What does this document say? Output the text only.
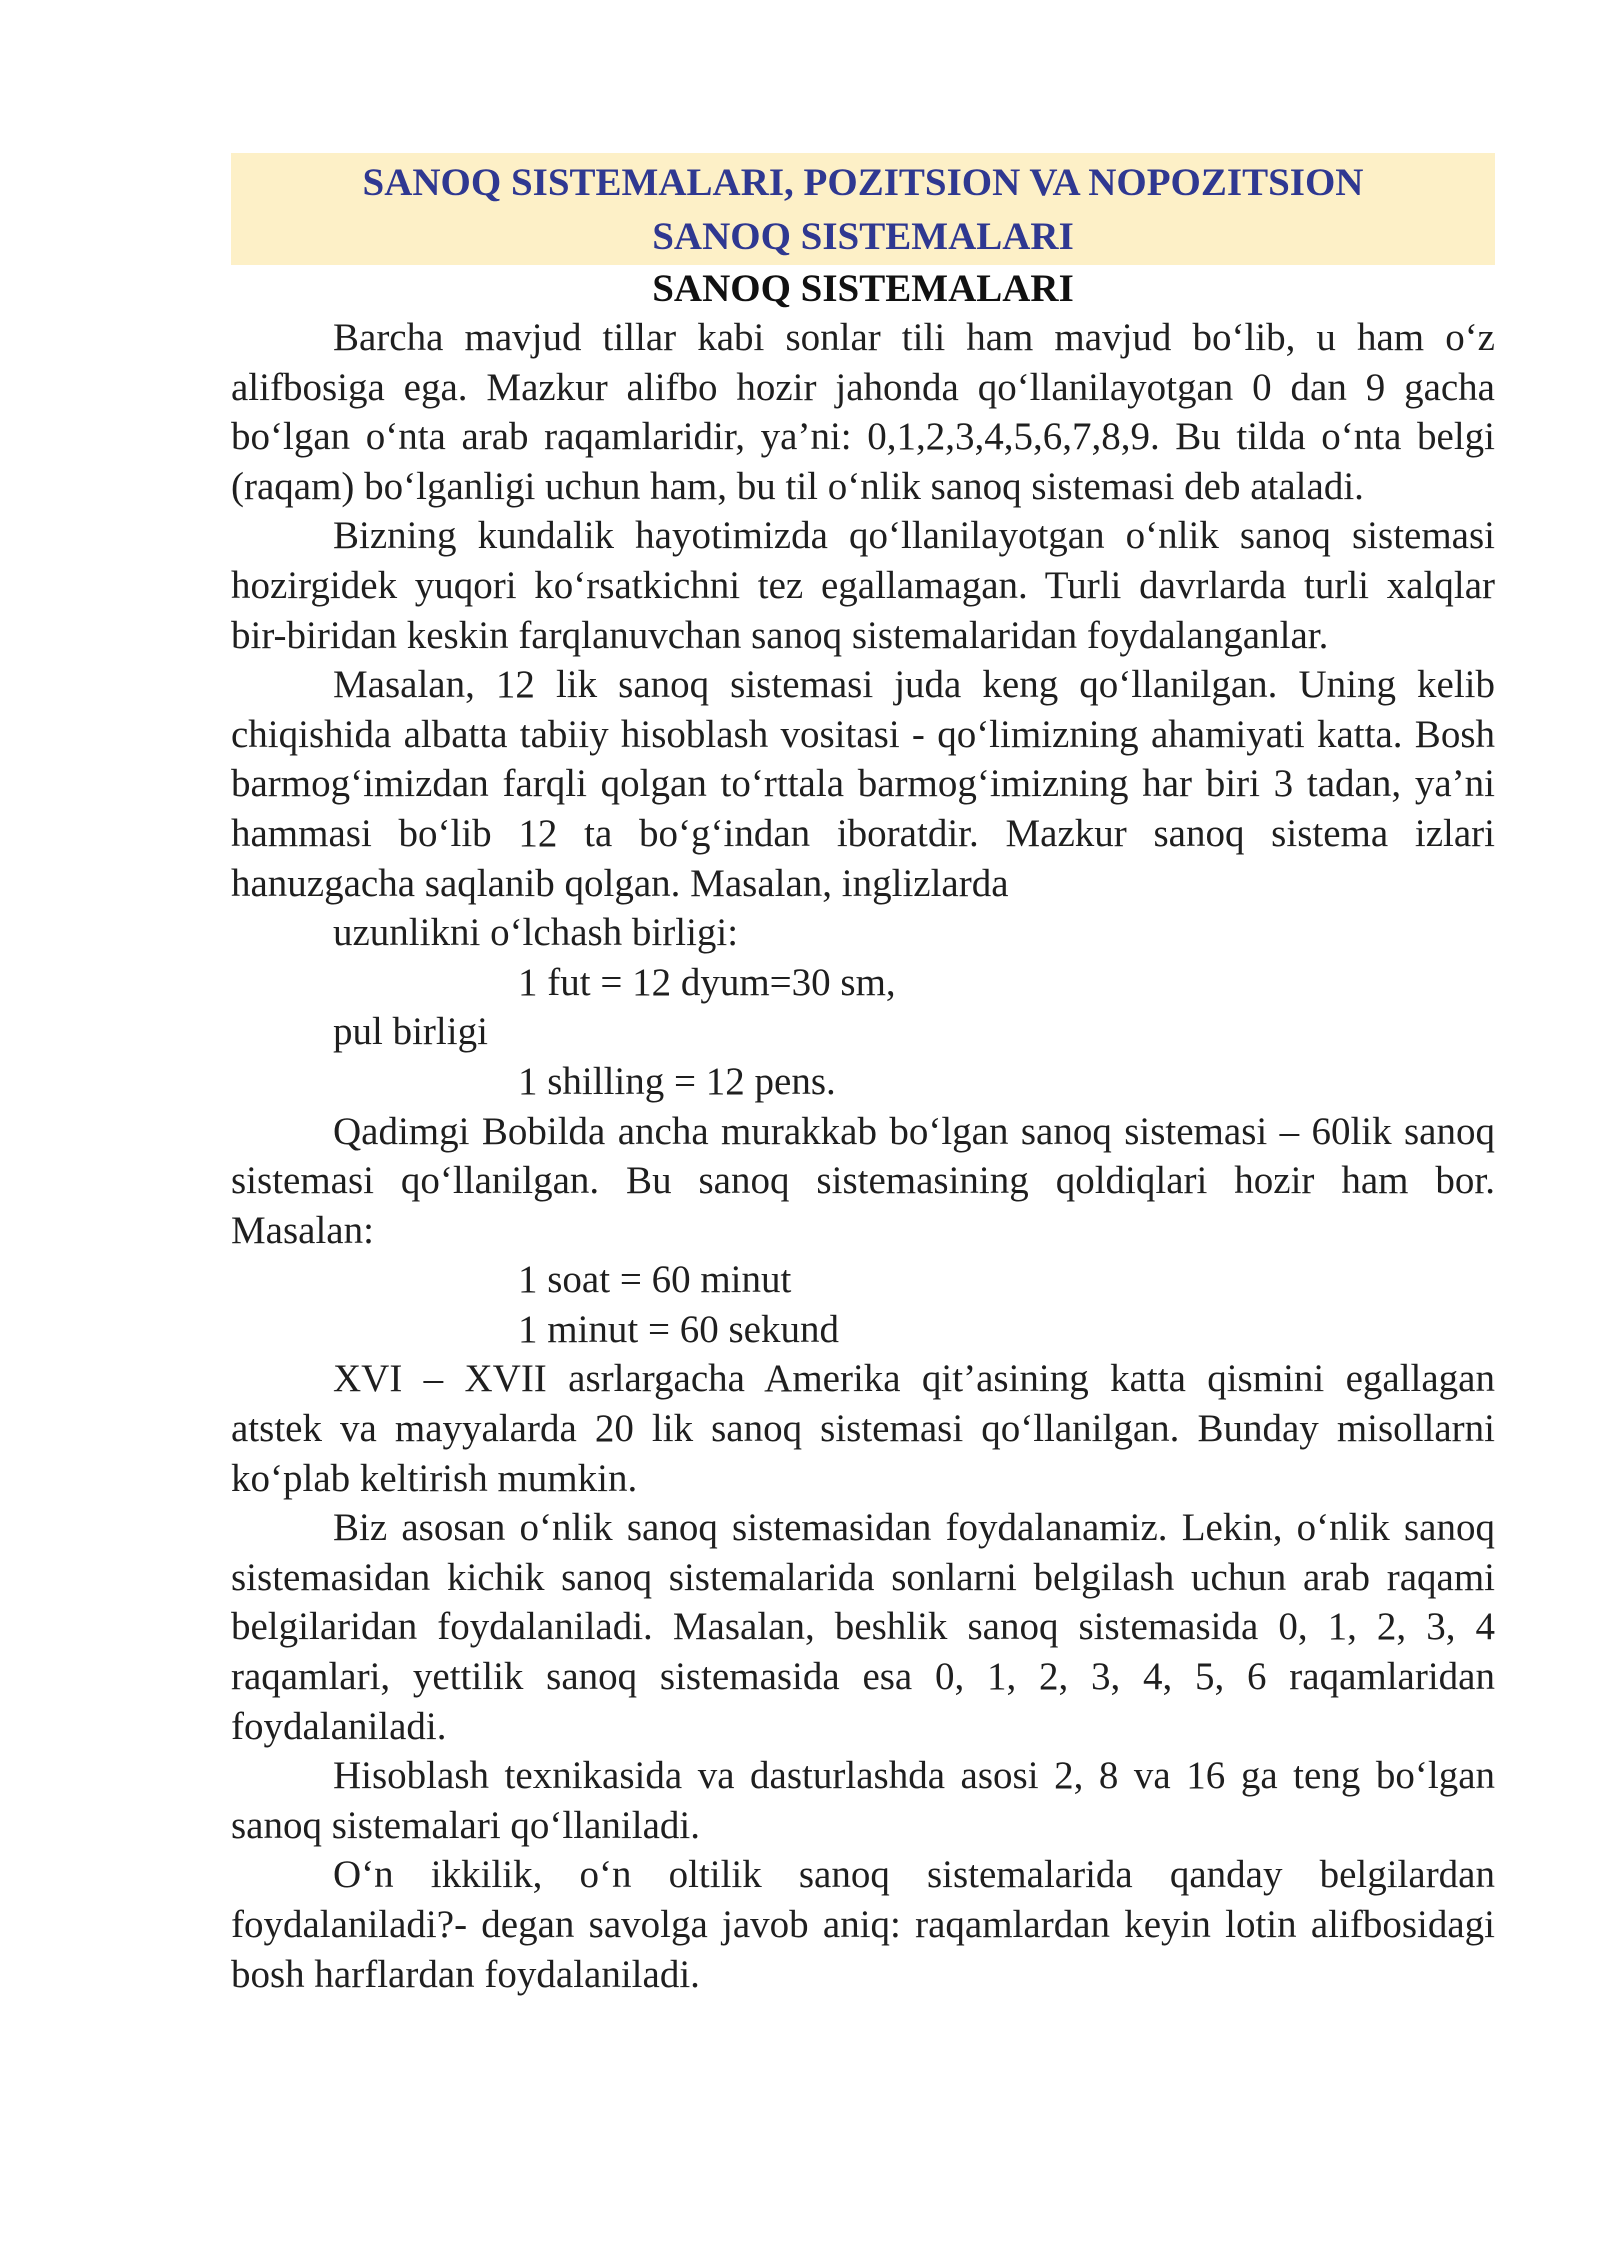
SANOQ SISTEMALARI, POZITSION VA NOPOZITSION
SANOQ SISTEMALARI
SANOQ SISTEMALARI

Barcha mavjud tillar kabi sonlar tili ham mavjud bo‘lib, u ham o‘z alifbosiga ega. Mazkur alifbo hozir jahonda qo‘llanilayotgan 0 dan 9 gacha bo‘lgan o‘nta arab raqamlaridir, ya’ni: 0,1,2,3,4,5,6,7,8,9. Bu tilda o‘nta belgi (raqam) bo‘lganligi uchun ham, bu til o‘nlik sanoq sistemasi deb ataladi.

Bizning kundalik hayotimizda qo‘llanilayotgan o‘nlik sanoq sistemasi hozirgidek yuqori ko‘rsatkichni tez egallamagan. Turli davrlarda turli xalqlar bir-biridan keskin farqlanuvchan sanoq sistemalaridan foydalanganlar.

Masalan, 12 lik sanoq sistemasi juda keng qo‘llanilgan. Uning kelib chiqishida albatta tabiiy hisoblash vositasi - qo‘limizning ahamiyati katta. Bosh barmog‘imizdan farqli qolgan to‘rttala barmog‘imizning har biri 3 tadan, ya’ni hammasi bo‘lib 12 ta bo‘g‘indan iboratdir. Mazkur sanoq sistema izlari hanuzgacha saqlanib qolgan. Masalan, inglizlarda

uzunlikni o‘lchash birligi:

1 fut = 12 dyum=30 sm,

pul birligi

1 shilling = 12 pens.

Qadimgi Bobilda ancha murakkab bo‘lgan sanoq sistemasi – 60lik sanoq sistemasi qo‘llanilgan. Bu sanoq sistemasining qoldiqlari hozir ham bor. Masalan:

1 soat = 60 minut

1 minut = 60 sekund

XVI – XVII asrlargacha Amerika qit’asining katta qismini egallagan atstek va mayyalarda 20 lik sanoq sistemasi qo‘llanilgan. Bunday misollarni ko‘plab keltirish mumkin.

Biz asosan o‘nlik sanoq sistemasidan foydalanamiz. Lekin, o‘nlik sanoq sistemasidan kichik sanoq sistemalarida sonlarni belgilash uchun arab raqami belgilaridan foydalaniladi. Masalan, beshlik sanoq sistemasida 0, 1, 2, 3, 4 raqamlari, yettilik sanoq sistemasida esa 0, 1, 2, 3, 4, 5, 6 raqamlaridan foydalaniladi.

Hisoblash texnikasida va dasturlashda asosi 2, 8 va 16 ga teng bo‘lgan sanoq sistemalari qo‘llaniladi.

O‘n ikkilik, o‘n oltilik sanoq sistemalarida qanday belgilardan foydalaniladi?- degan savolga javob aniq: raqamlardan keyin lotin alifbosidagi bosh harflardan foydalaniladi.
